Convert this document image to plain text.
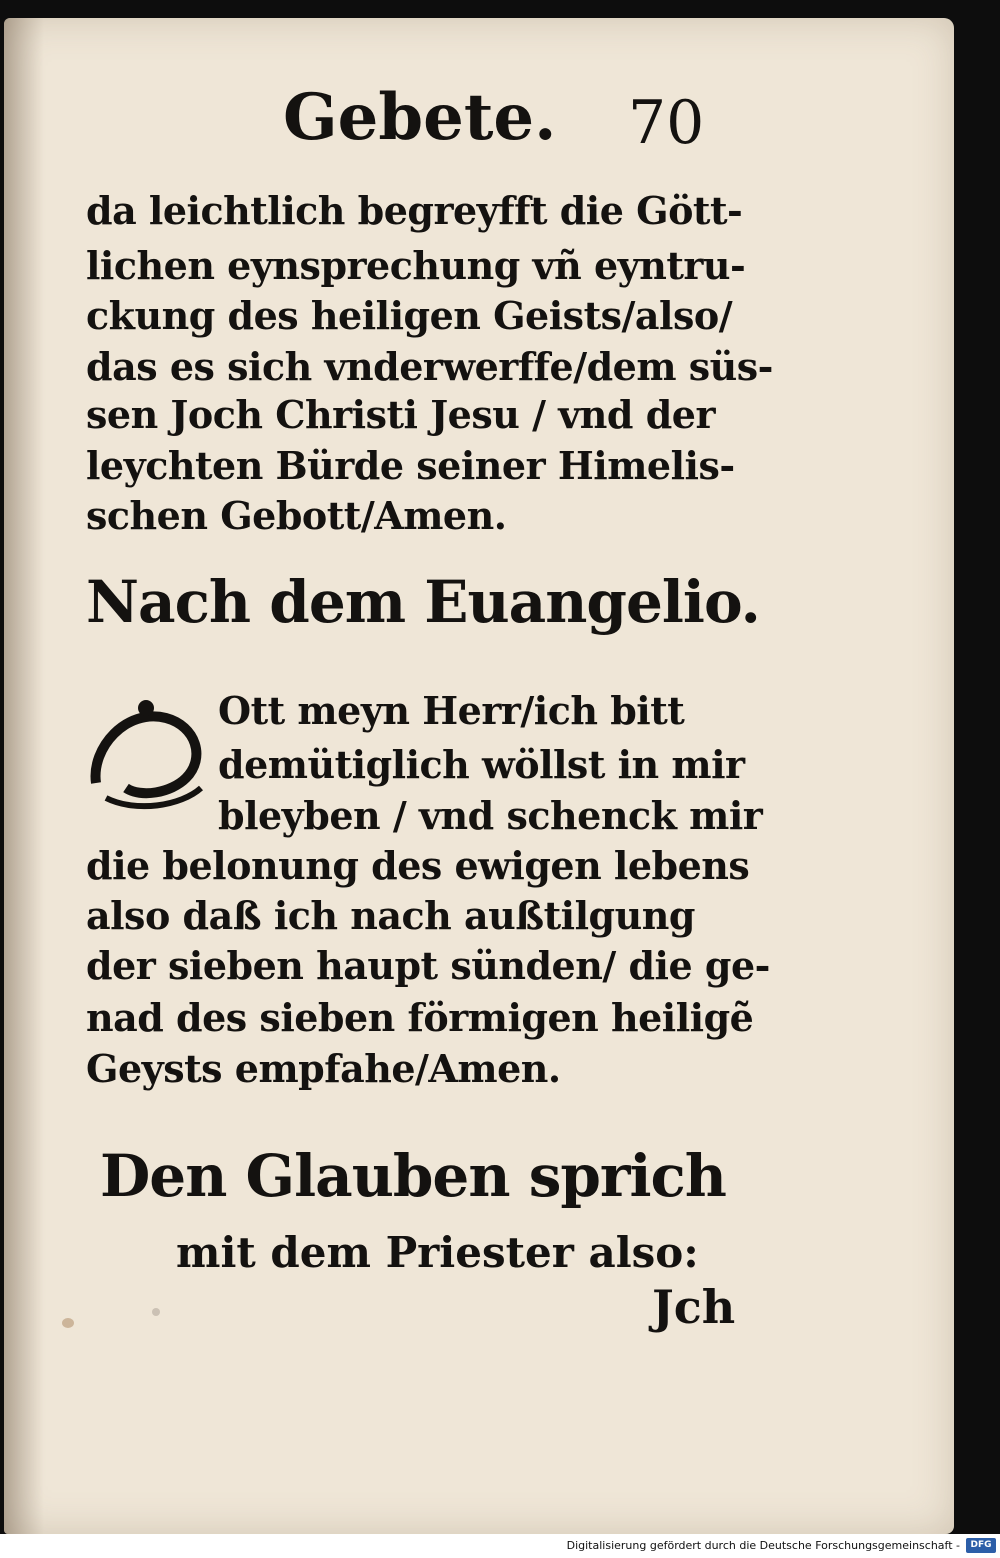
Gebete. 70
da leichtlich begreyfft die Gött-
lichen eynsprechung vñ eyntru-
ckung des heiligen Geists/also/
das es sich vnderwerffe/dem süs-
sen Joch Christi Jesu / vnd der
leychten Bürde seiner Himelis-
schen Gebott/Amen.
Nach dem Euangelio.
Ott meyn Herr/ich bitt
demütiglich wöllst in mir
bleyben / vnd schenck mir
die belonung des ewigen lebens
also daß ich nach außtilgung
der sieben haupt sünden/ die ge-
nad des sieben förmigen heiligẽ
Geysts empfahe/Amen.
Den Glauben sprich
mit dem Priester also:
Jch
Digitalisierung gefördert durch die Deutsche Forschungsgemeinschaft -	DFG
